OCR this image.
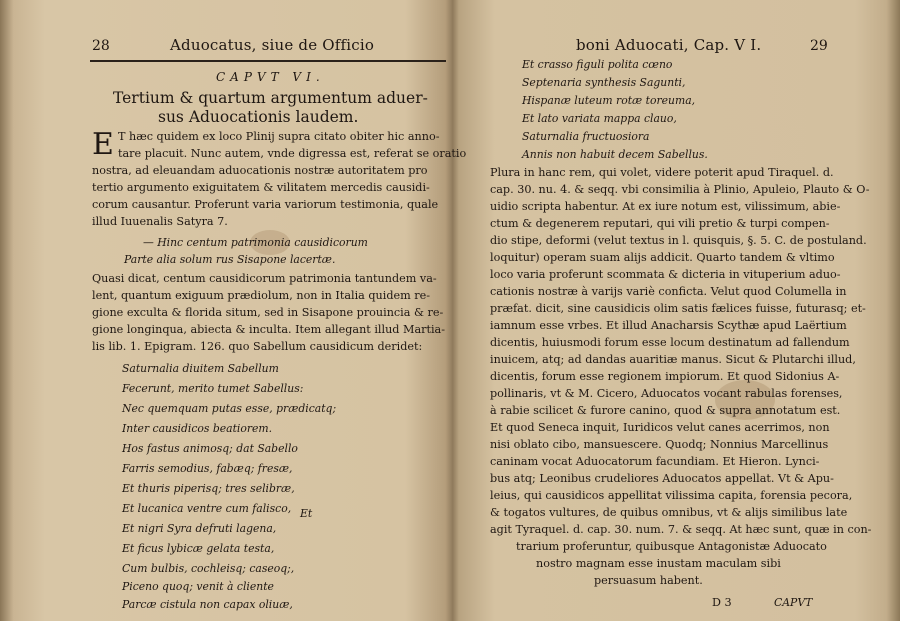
28	Aduocatus, siue de Officio
CAPVT VI.
Tertium & quartum argumentum aduer-
sus Aduocationis laudem.
E T hæc quidem ex loco Plinij supra citato obiter hic anno-
tare placuit. Nunc autem, vnde digressa est, referat se oratio
nostra, ad eleuandam aduocationis nostræ autoritatem pro
tertio argumento exiguitatem & vilitatem mercedis causidi-
corum causantur. Proferunt varia variorum testimonia, quale
illud Iuuenalis Satyra 7.
— Hinc centum patrimonia causidicorum
Parte alia solum rus Sisapone lacertæ.
Quasi dicat, centum causidicorum patrimonia tantundem va-
lent, quantum exiguum prædiolum, non in Italia quidem re-
gione exculta & florida situm, sed in Sisapone prouincia & re-
gione longinqua, abiecta & inculta. Item allegant illud Martia-
lis lib. 1. Epigram. 126. quo Sabellum causidicum deridet:
Saturnalia diuitem Sabellum
Fecerunt, merito tumet Sabellus:
Nec quemquam putas esse, prædicatq;
Inter causidicos beatiorem.
Hos fastus animosq; dat Sabello
Farris semodius, fabæq; fresæ,
Et thuris piperisq; tres selibræ,
Et lucanica ventre cum falisco,
Et nigri Syra defruti lagena,
Et ficus lybicæ gelata testa,
Cum bulbis, cochleisq; caseoq;,
Piceno quoq; venit à cliente
Parcæ cistula non capax oliuæ,
Et
boni Aduocati, Cap. V I.	29
Et crasso figuli polita cœno
Septenaria synthesis Sagunti,
Hispanæ luteum rotæ toreuma,
Et lato variata mappa clauo,
Saturnalia fructuosiora
Annis non habuit decem Sabellus.
Plura in hanc rem, qui volet, videre poterit apud Tiraquel. d.
cap. 30. nu. 4. & seqq. vbi consimilia à Plinio, Apuleio, Plauto & O-
uidio scripta habentur. At ex iure notum est, vilissimum, abie-
ctum & degenerem reputari, qui vili pretio & turpi compen-
dio stipe, deformi (velut textus in l. quisquis, §. 5. C. de postuland.
loquitur) operam suam alijs addicit. Quarto tandem & vltimo
loco varia proferunt scommata & dicteria in vituperium aduo-
cationis nostræ à varijs variè conficta. Velut quod Columella in
præfat. dicit, sine causidicis olim satis fælices fuisse, futurasq; et-
iamnum esse vrbes. Et illud Anacharsis Scythæ apud Laërtium
dicentis, huiusmodi forum esse locum destinatum ad fallendum
inuicem, atq; ad dandas auaritiæ manus. Sicut & Plutarchi illud,
dicentis, forum esse regionem impiorum. Et quod Sidonius A-
pollinaris, vt & M. Cicero, Aduocatos vocant rabulas forenses,
à rabie scilicet & furore canino, quod & supra annotatum est.
Et quod Seneca inquit, Iuridicos velut canes acerrimos, non
nisi oblato cibo, mansuescere. Quodq; Nonnius Marcellinus
caninam vocat Aduocatorum facundiam. Et Hieron. Lynci-
bus atq; Leonibus crudeliores Aduocatos appellat. Vt & Apu-
leius, qui causidicos appellitat vilissima capita, forensia pecora,
& togatos vultures, de quibus omnibus, vt & alijs similibus late
agit Tyraquel. d. cap. 30. num. 7. & seqq. At hæc sunt, quæ in con-
trarium proferuntur, quibusque Antagonistæ Aduocato
nostro magnam esse inustam maculam sibi
persuasum habent.
D 3	CAPVT
